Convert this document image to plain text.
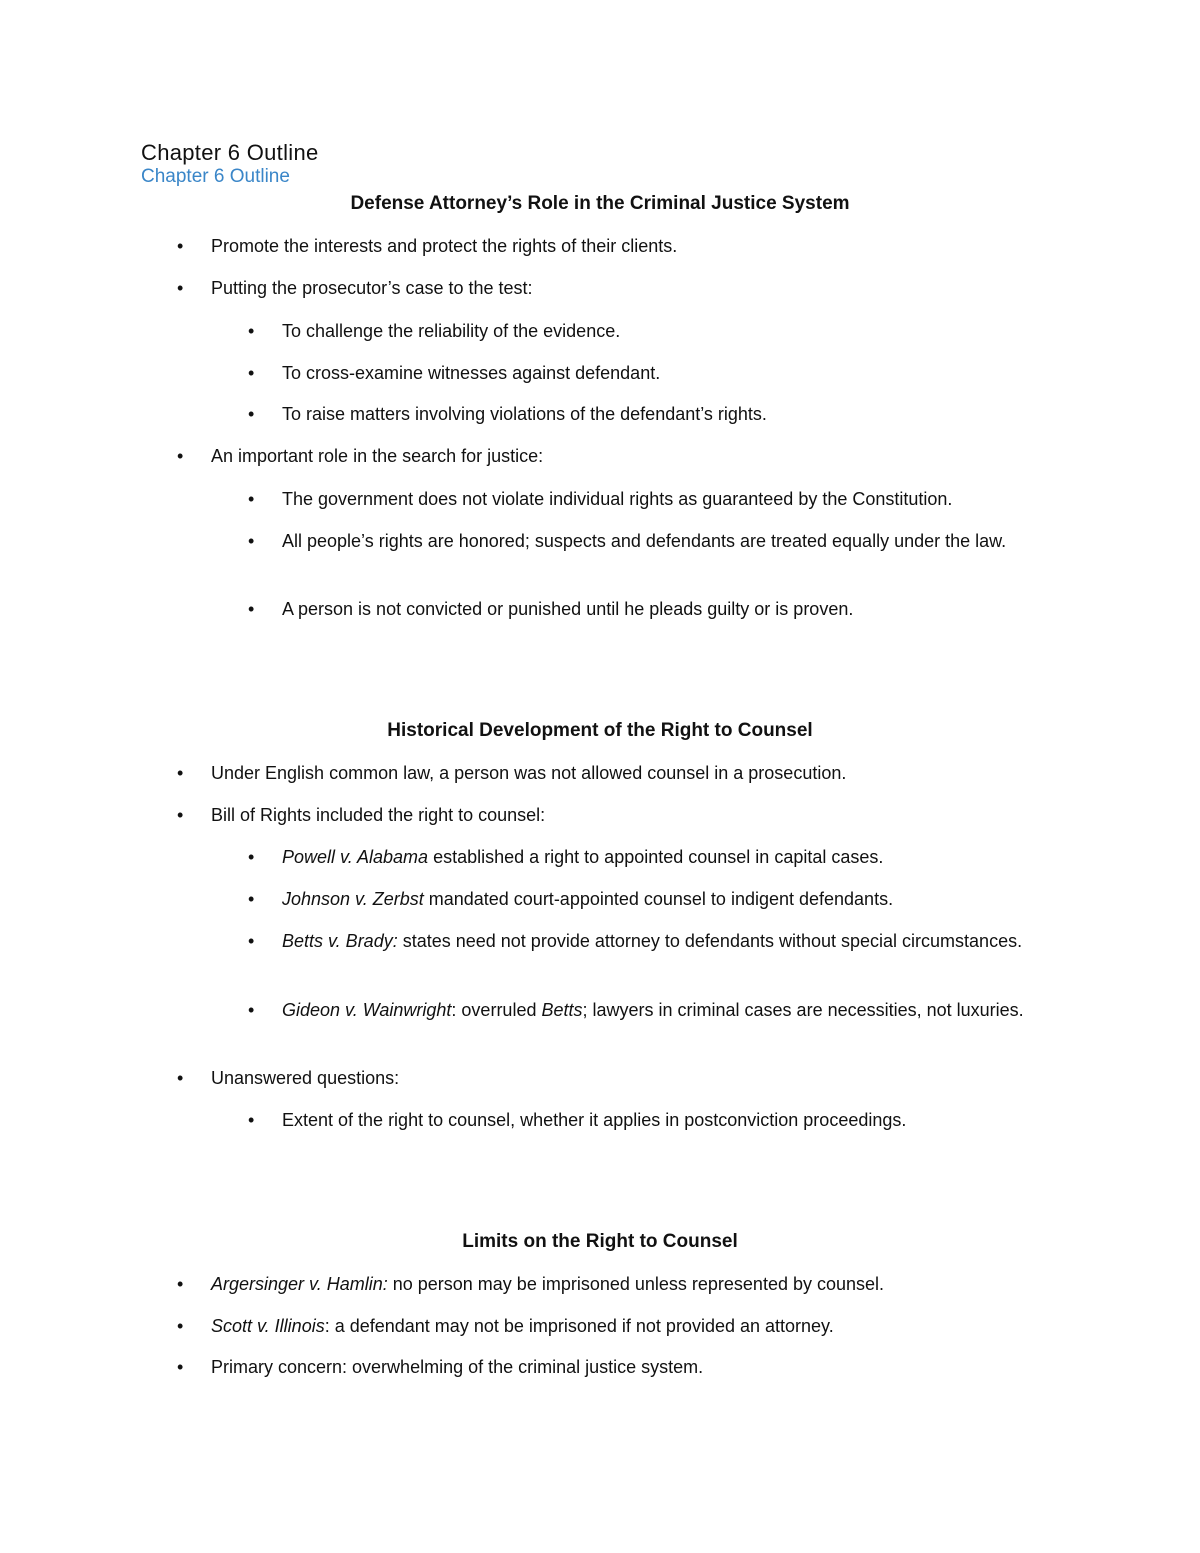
Chapter 6 Outline
Chapter 6 Outline
Defense Attorney’s Role in the Criminal Justice System
• Promote the interests and protect the rights of their clients.
• Putting the prosecutor’s case to the test:
• To challenge the reliability of the evidence.
• To cross-examine witnesses against defendant.
• To raise matters involving violations of the defendant’s rights.
• An important role in the search for justice:
• The government does not violate individual rights as guaranteed by the Constitution.
• All people’s rights are honored; suspects and defendants are treated equally under the law.
• A person is not convicted or punished until he pleads guilty or is proven.
Historical Development of the Right to Counsel
• Under English common law, a person was not allowed counsel in a prosecution.
• Bill of Rights included the right to counsel:
• Powell v. Alabama established a right to appointed counsel in capital cases.
• Johnson v. Zerbst mandated court-appointed counsel to indigent defendants.
• Betts v. Brady: states need not provide attorney to defendants without special circumstances.
• Gideon v. Wainwright: overruled Betts; lawyers in criminal cases are necessities, not luxuries.
• Unanswered questions:
• Extent of the right to counsel, whether it applies in postconviction proceedings.
Limits on the Right to Counsel
• Argersinger v. Hamlin: no person may be imprisoned unless represented by counsel.
• Scott v. Illinois: a defendant may not be imprisoned if not provided an attorney.
• Primary concern: overwhelming of the criminal justice system.
